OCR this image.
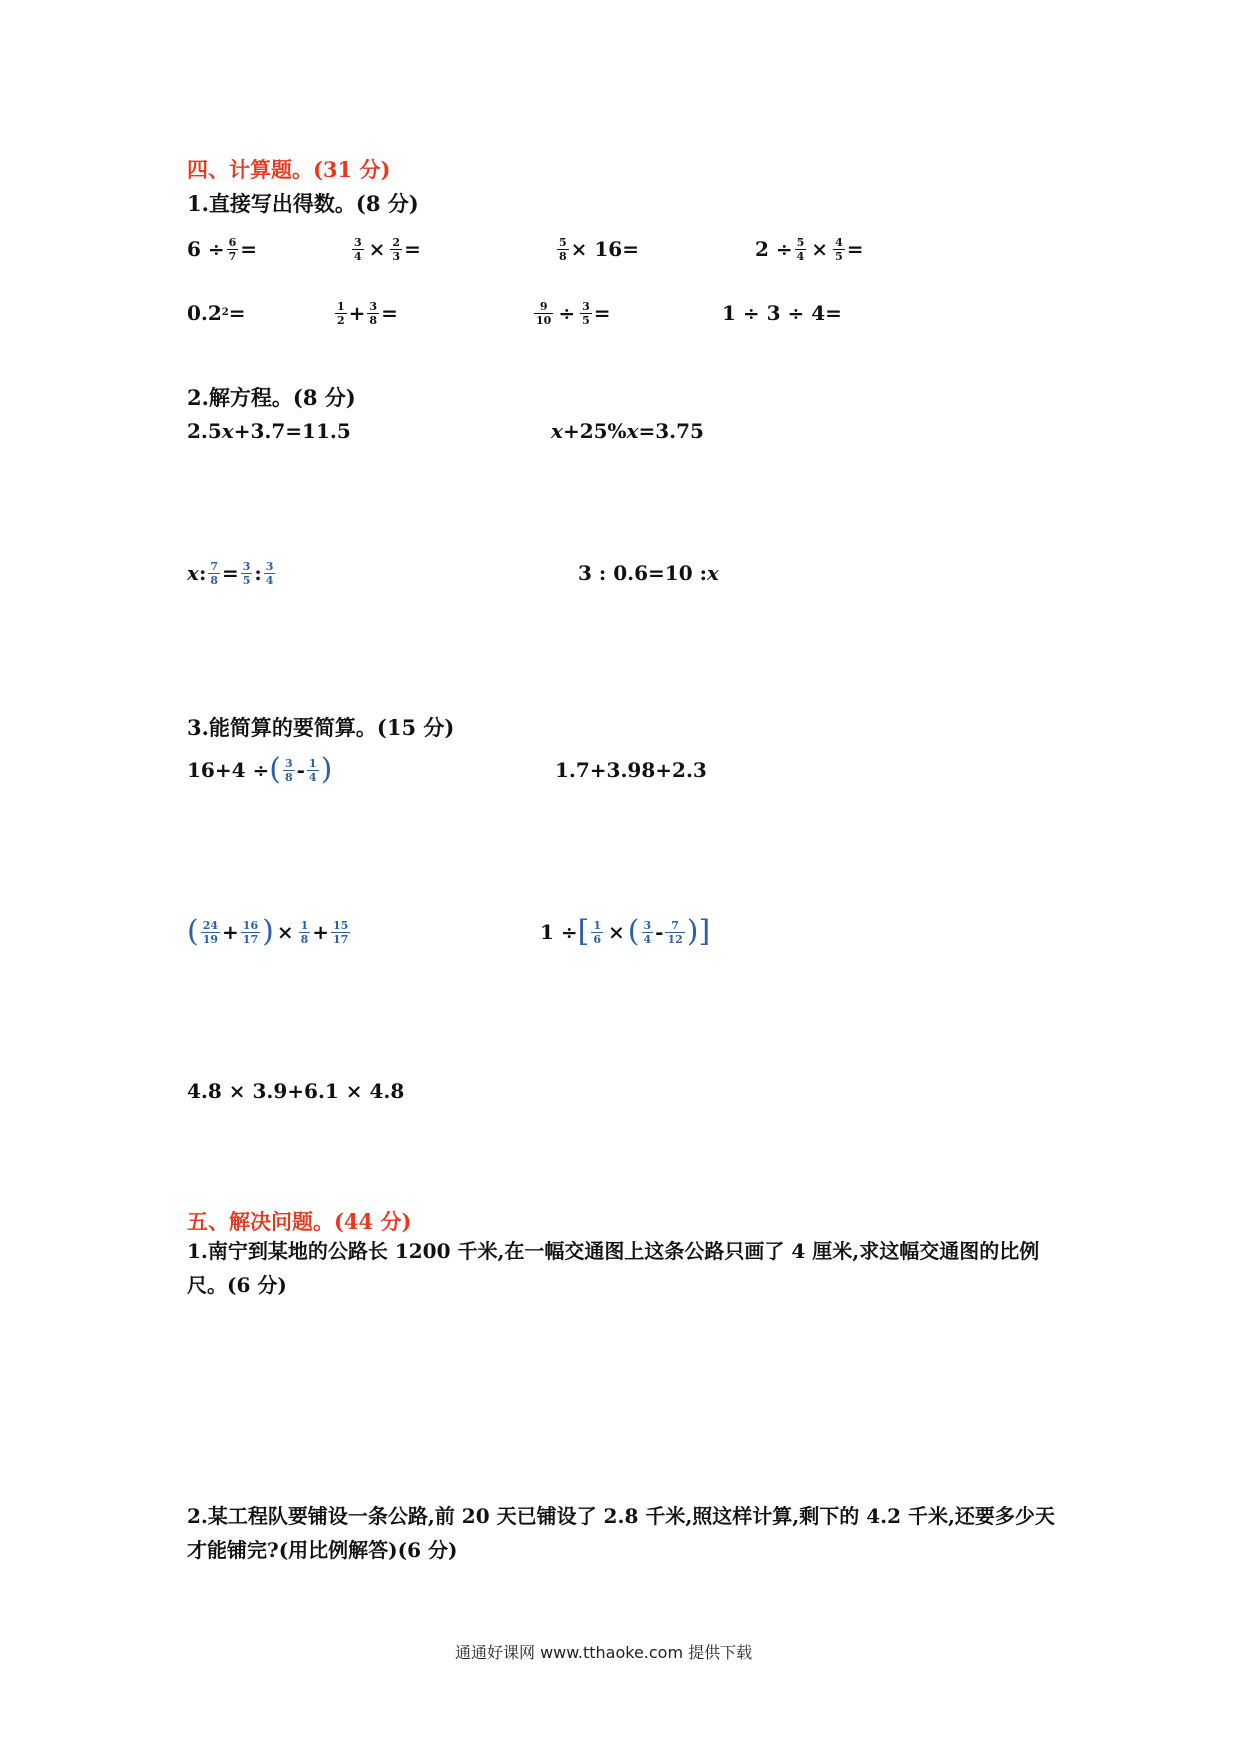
四、计算题。(31 分)
1.直接写出得数。(8 分)
$6 \div \frac{6}{7}$ =	$\frac{3}{4} \times \frac{2}{3}$ =	$\frac{5}{8} \times 16=$	$2 \div \frac{5}{4} \times \frac{4}{5}$ =
0.2 2 =	$\frac{1}{2} + \frac{3}{8}$ =	$\frac{9}{10} \div \frac{3}{5}$ =	1 ÷ 3 ÷ 4=
2.解方程。(8 分)
2.5 x +3.7=11.5	x +25% x =3.75
x : $\frac{7}{8} = \frac{3}{5}$ : $\frac{3}{4}$	3 : 0.6=10 : x
3.能简算的要简算。(15 分)
16+4 ÷ ( $\frac{3}{8} - \frac{1}{4}$ )	1.7+3.98+2.3
( $\frac{24}{19} + \frac{16}{17}$ ) × $\frac{1}{8} + \frac{15}{17}$	1 ÷ [ $\frac{1}{6}$ × ( $\frac{3}{4} - \frac{7}{12}$ ) ]
4.8 × 3.9+6.1 × 4.8
五、解决问题。(44 分)
1.南宁到某地的公路长 1200 千米,在一幅交通图上这条公路只画了 4 厘米,求这幅交通图的比例尺。(6 分)
2.某工程队要铺设一条公路,前 20 天已铺设了 2.8 千米,照这样计算,剩下的 4.2 千米,还要多少天才能铺完?(用比例解答)(6 分)
通通好课网 www.tthaoke.com 提供下载
